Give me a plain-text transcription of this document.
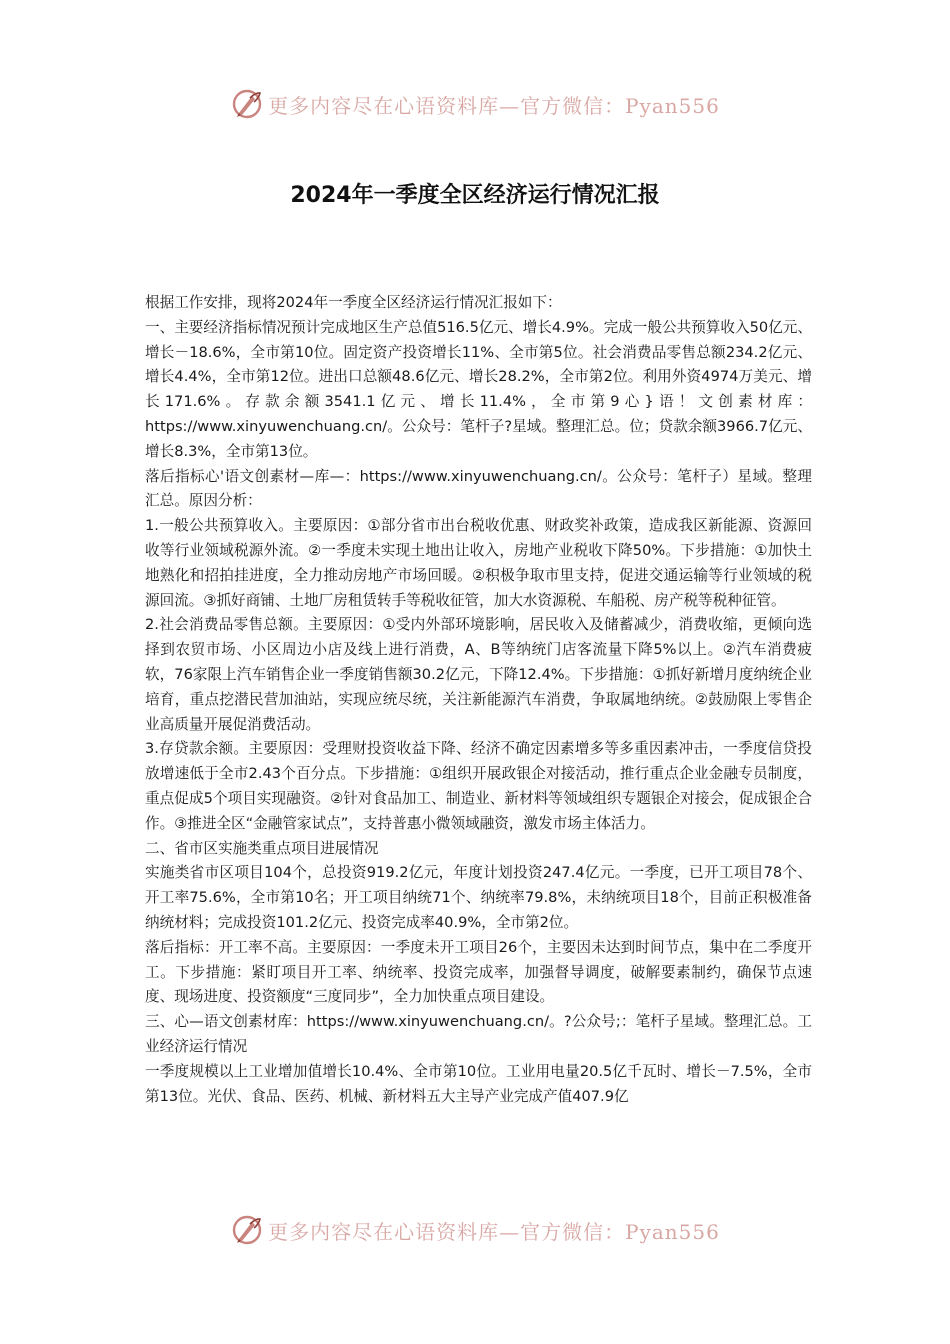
更多内容尽在心语资料库—官方微信：Pyan556
2024年一季度全区经济运行情况汇报

根据工作安排，现将2024年一季度全区经济运行情况汇报如下：

一、主要经济指标情况预计完成地区生产总值516.5亿元、增长4.9%。完成一般公共预算收入50亿元、增长－18.6%，全市第10位。固定资产投资增长11%、全市第5位。社会消费品零售总额234.2亿元、增长4.4%，全市第12位。进出口总额48.6亿元、增长28.2%，全市第2位。利用外资4974万美元、增长171.6%。存款余额3541.1亿元、增长11.4%，全市第9心}语！文创素材库：https://www.xinyuwenchuang.cn/。公众号：笔杆子?星域。整理汇总。位；贷款余额3966.7亿元、增长8.3%，全市第13位。

落后指标心'语文创素材—库—：https://www.xinyuwenchuang.cn/。公众号：笔杆子）星域。整理汇总。原因分析：

1.一般公共预算收入。主要原因：①部分省市出台税收优惠、财政奖补政策，造成我区新能源、资源回收等行业领域税源外流。②一季度未实现土地出让收入，房地产业税收下降50%。下步措施：①加快土地熟化和招拍挂进度，全力推动房地产市场回暖。②积极争取市里支持，促进交通运输等行业领域的税源回流。③抓好商铺、土地厂房租赁转手等税收征管，加大水资源税、车船税、房产税等税种征管。

2.社会消费品零售总额。主要原因：①受内外部环境影响，居民收入及储蓄减少，消费收缩，更倾向选择到农贸市场、小区周边小店及线上进行消费，A、B等纳统门店客流量下降5%以上。②汽车消费疲软，76家限上汽车销售企业一季度销售额30.2亿元，下降12.4%。下步措施：①抓好新增月度纳统企业培育，重点挖潜民营加油站，实现应统尽统，关注新能源汽车消费，争取属地纳统。②鼓励限上零售企业高质量开展促消费活动。

3.存贷款余额。主要原因：受理财投资收益下降、经济不确定因素增多等多重因素冲击，一季度信贷投放增速低于全市2.43个百分点。下步措施：①组织开展政银企对接活动，推行重点企业金融专员制度，重点促成5个项目实现融资。②针对食品加工、制造业、新材料等领域组织专题银企对接会，促成银企合作。③推进全区“金融管家试点”，支持普惠小微领域融资，激发市场主体活力。

二、省市区实施类重点项目进展情况

实施类省市区项目104个，总投资919.2亿元，年度计划投资247.4亿元。一季度，已开工项目78个、开工率75.6%，全市第10名；开工项目纳统71个、纳统率79.8%，未纳统项目18个，目前正积极准备纳统材料；完成投资101.2亿元、投资完成率40.9%，全市第2位。

落后指标：开工率不高。主要原因：一季度未开工项目26个，主要因未达到时间节点，集中在二季度开工。下步措施：紧盯项目开工率、纳统率、投资完成率，加强督导调度，破解要素制约，确保节点速度、现场进度、投资额度“三度同步”，全力加快重点项目建设。

三、心—语文创素材库：https://www.xinyuwenchuang.cn/。?公众号;：笔杆子星域。整理汇总。工业经济运行情况

一季度规模以上工业增加值增长10.4%、全市第10位。工业用电量20.5亿千瓦时、增长－7.5%，全市第13位。光伏、食品、医药、机械、新材料五大主导产业完成产值407.9亿

更多内容尽在心语资料库—官方微信：Pyan556
